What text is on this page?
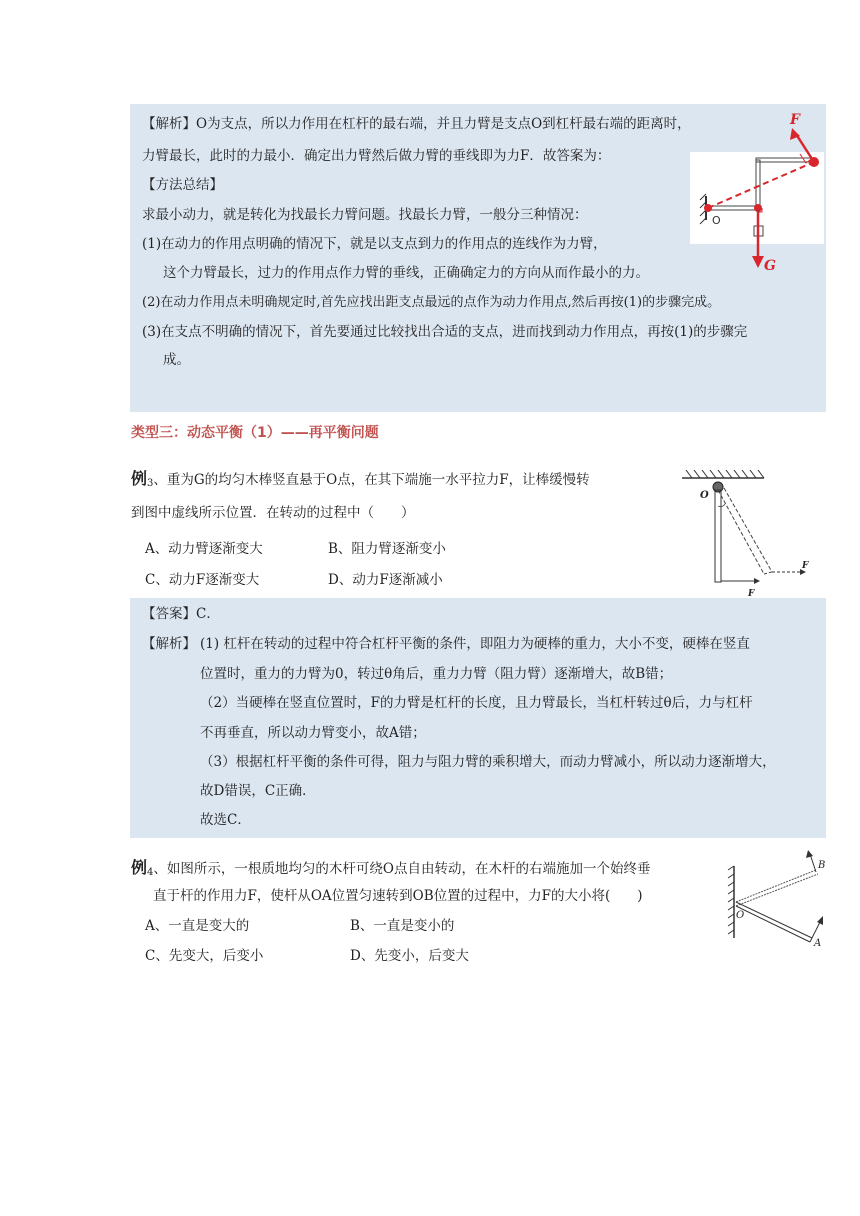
【解析】O为支点，所以力作用在杠杆的最右端，并且力臂是支点O到杠杆最右端的距离时，
力臂最长，此时的力最小．确定出力臂然后做力臂的垂线即为力F．故答案为：
【方法总结】
求最小动力，就是转化为找最长力臂问题。找最长力臂，一般分三种情况：
(1)在动力的作用点明确的情况下，就是以支点到力的作用点的连线作为力臂，
这个力臂最长，过力的作用点作力臂的垂线，正确确定力的方向从而作最小的力。
(2)在动力作用点未明确规定时,首先应找出距支点最远的点作为动力作用点,然后再按(1)的步骤完成。
(3)在支点不明确的情况下，首先要通过比较找出合适的支点，进而找到动力作用点，再按(1)的步骤完
成。
F
G
O
类型三：动态平衡（1）——再平衡问题
例3、重为G的均匀木棒竖直悬于O点，在其下端施一水平拉力F，让棒缓慢转
到图中虚线所示位置．在转动的过程中（　　）
A、动力臂逐渐变大	B、阻力臂逐渐变小
C、动力F逐渐变大	D、动力F逐渐减小
O
F
F
【答案】C．
【解析】 (1) 杠杆在转动的过程中符合杠杆平衡的条件，即阻力为硬棒的重力，大小不变，硬棒在竖直
位置时，重力的力臂为0，转过θ角后，重力力臂（阻力臂）逐渐增大，故B错；
（2）当硬棒在竖直位置时，F的力臂是杠杆的长度，且力臂最长，当杠杆转过θ后，力与杠杆
不再垂直，所以动力臂变小，故A错；
（3）根据杠杆平衡的条件可得，阻力与阻力臂的乘积增大，而动力臂减小，所以动力逐渐增大，
故D错误，C正确．
故选C．
例4、如图所示，一根质地均匀的木杆可绕O点自由转动，在木杆的右端施加一个始终垂
直于杆的作用力F，使杆从OA位置匀速转到OB位置的过程中，力F的大小将(　　)
A、一直是变大的	B、一直是变小的
C、先变大，后变小	D、先变小，后变大
B
O
A
